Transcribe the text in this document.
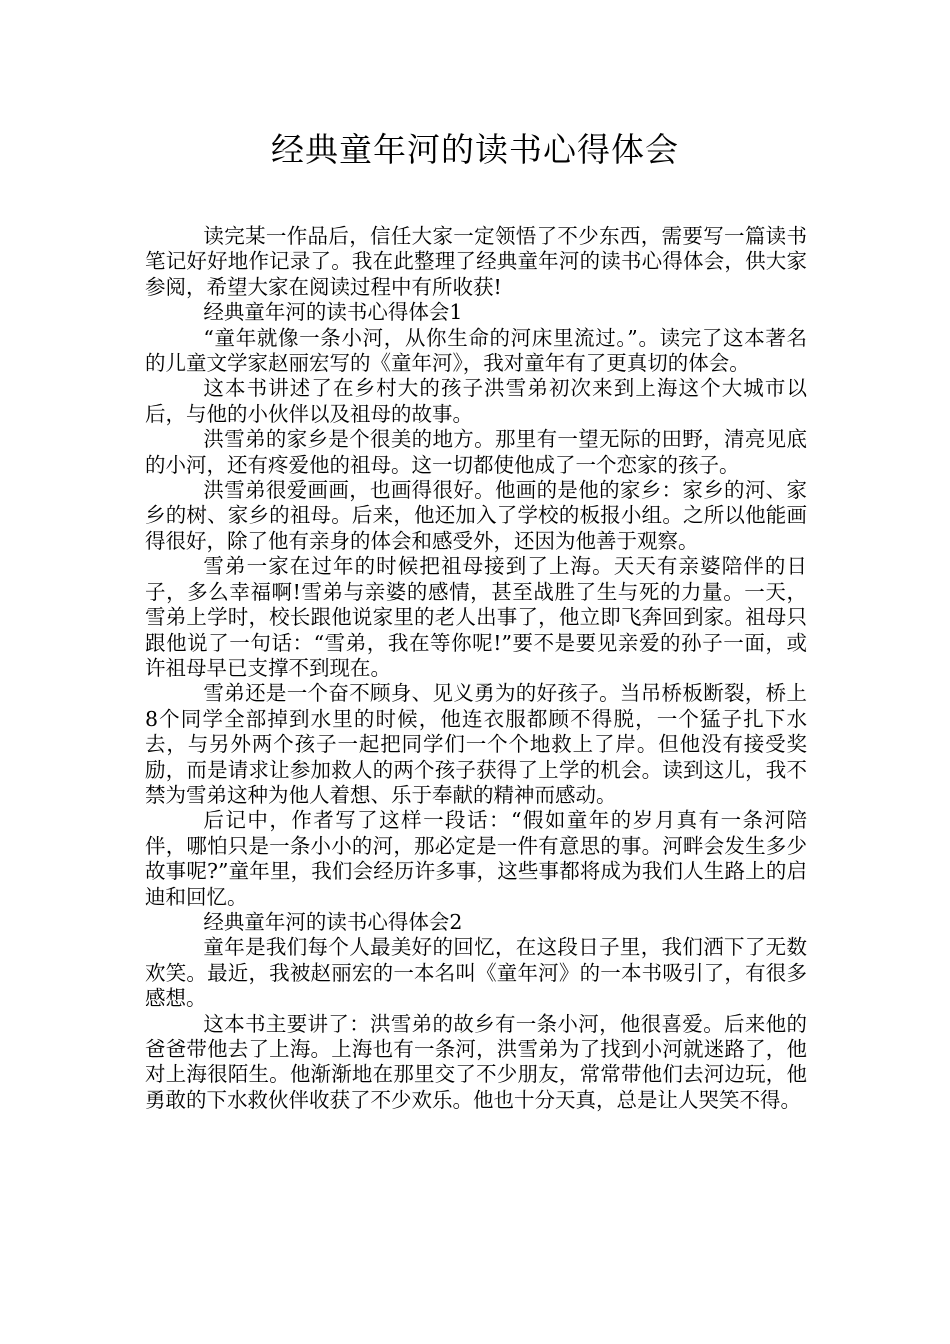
经典童年河的读书心得体会

读完某一作品后，信任大家一定领悟了不少东西，需要写一篇读书笔记好好地作记录了。我在此整理了经典童年河的读书心得体会，供大家参阅，希望大家在阅读过程中有所收获!

经典童年河的读书心得体会1

“童年就像一条小河，从你生命的河床里流过。”。读完了这本著名的儿童文学家赵丽宏写的《童年河》，我对童年有了更真切的体会。

这本书讲述了在乡村大的孩子洪雪弟初次来到上海这个大城市以后，与他的小伙伴以及祖母的故事。

洪雪弟的家乡是个很美的地方。那里有一望无际的田野，清亮见底的小河，还有疼爱他的祖母。这一切都使他成了一个恋家的孩子。

洪雪弟很爱画画，也画得很好。他画的是他的家乡：家乡的河、家乡的树、家乡的祖母。后来，他还加入了学校的板报小组。之所以他能画得很好，除了他有亲身的体会和感受外，还因为他善于观察。

雪弟一家在过年的时候把祖母接到了上海。天天有亲婆陪伴的日子，多么幸福啊!雪弟与亲婆的感情，甚至战胜了生与死的力量。一天，雪弟上学时，校长跟他说家里的老人出事了，他立即飞奔回到家。祖母只跟他说了一句话：“雪弟，我在等你呢!”要不是要见亲爱的孙子一面，或许祖母早已支撑不到现在。

雪弟还是一个奋不顾身、见义勇为的好孩子。当吊桥板断裂，桥上8个同学全部掉到水里的时候，他连衣服都顾不得脱，一个猛子扎下水去，与另外两个孩子一起把同学们一个个地救上了岸。但他没有接受奖励，而是请求让参加救人的两个孩子获得了上学的机会。读到这儿，我不禁为雪弟这种为他人着想、乐于奉献的精神而感动。

后记中，作者写了这样一段话：“假如童年的岁月真有一条河陪伴，哪怕只是一条小小的河，那必定是一件有意思的事。河畔会发生多少故事呢?”童年里，我们会经历许多事，这些事都将成为我们人生路上的启迪和回忆。

经典童年河的读书心得体会2

童年是我们每个人最美好的回忆，在这段日子里，我们洒下了无数欢笑。最近，我被赵丽宏的一本名叫《童年河》的一本书吸引了，有很多感想。

这本书主要讲了：洪雪弟的故乡有一条小河，他很喜爱。后来他的爸爸带他去了上海。上海也有一条河，洪雪弟为了找到小河就迷路了，他对上海很陌生。他渐渐地在那里交了不少朋友，常常带他们去河边玩，他勇敢的下水救伙伴收获了不少欢乐。他也十分天真，总是让人哭笑不得。
